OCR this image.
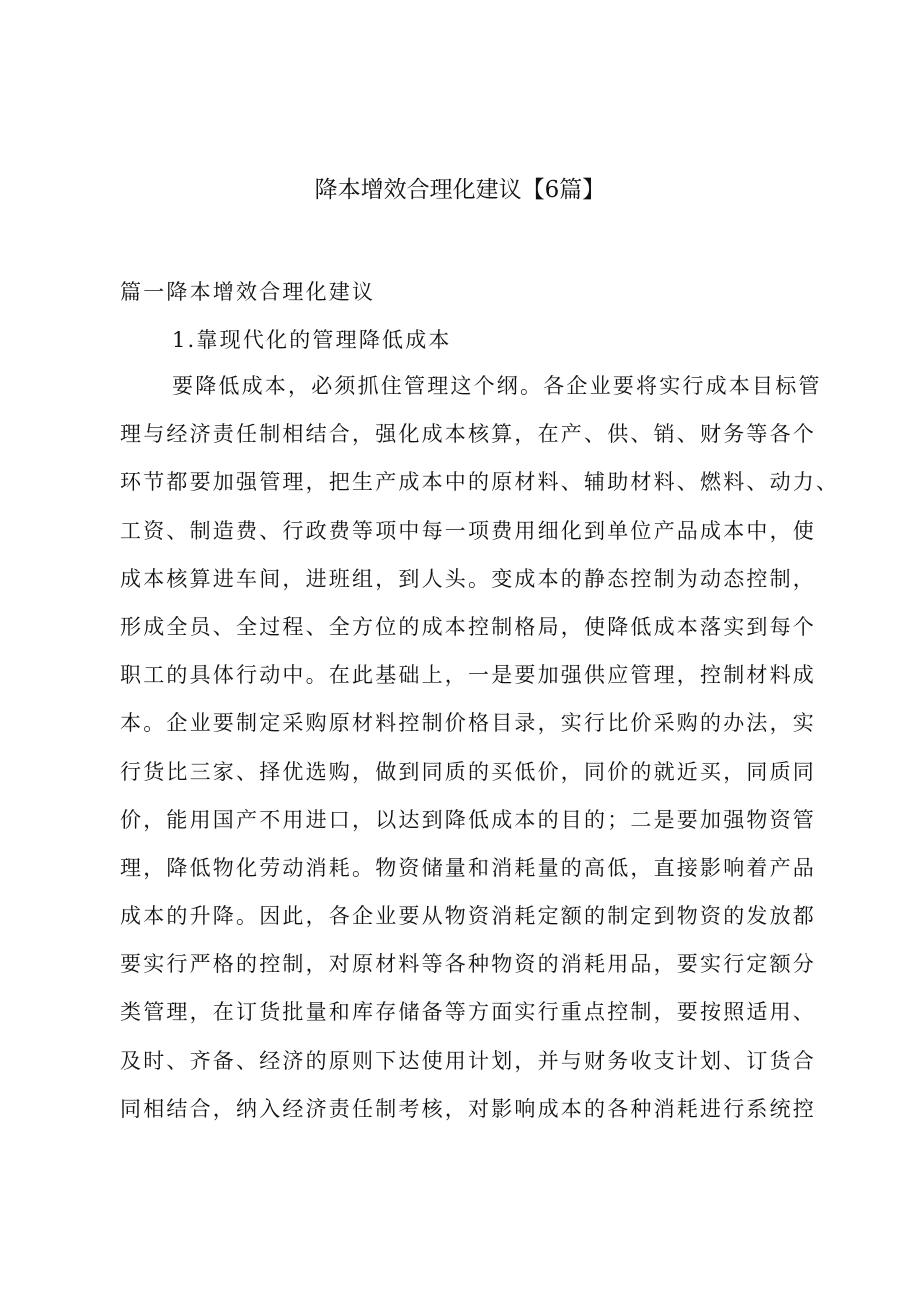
降本增效合理化建议【6篇】
篇一降本增效合理化建议
1.靠现代化的管理降低成本
要降低成本，必须抓住管理这个纲。各企业要将实行成本目标管
理与经济责任制相结合，强化成本核算，在产、供、销、财务等各个
环节都要加强管理，把生产成本中的原材料、辅助材料、燃料、动力、
工资、制造费、行政费等项中每一项费用细化到单位产品成本中，使
成本核算进车间，进班组，到人头。变成本的静态控制为动态控制，
形成全员、全过程、全方位的成本控制格局，使降低成本落实到每个
职工的具体行动中。在此基础上，一是要加强供应管理，控制材料成
本。企业要制定采购原材料控制价格目录，实行比价采购的办法，实
行货比三家、择优选购，做到同质的买低价，同价的就近买，同质同
价，能用国产不用进口，以达到降低成本的目的；二是要加强物资管
理，降低物化劳动消耗。物资储量和消耗量的高低，直接影响着产品
成本的升降。因此，各企业要从物资消耗定额的制定到物资的发放都
要实行严格的控制，对原材料等各种物资的消耗用品，要实行定额分
类管理，在订货批量和库存储备等方面实行重点控制，要按照适用、
及时、齐备、经济的原则下达使用计划，并与财务收支计划、订货合
同相结合，纳入经济责任制考核，对影响成本的各种消耗进行系统控
